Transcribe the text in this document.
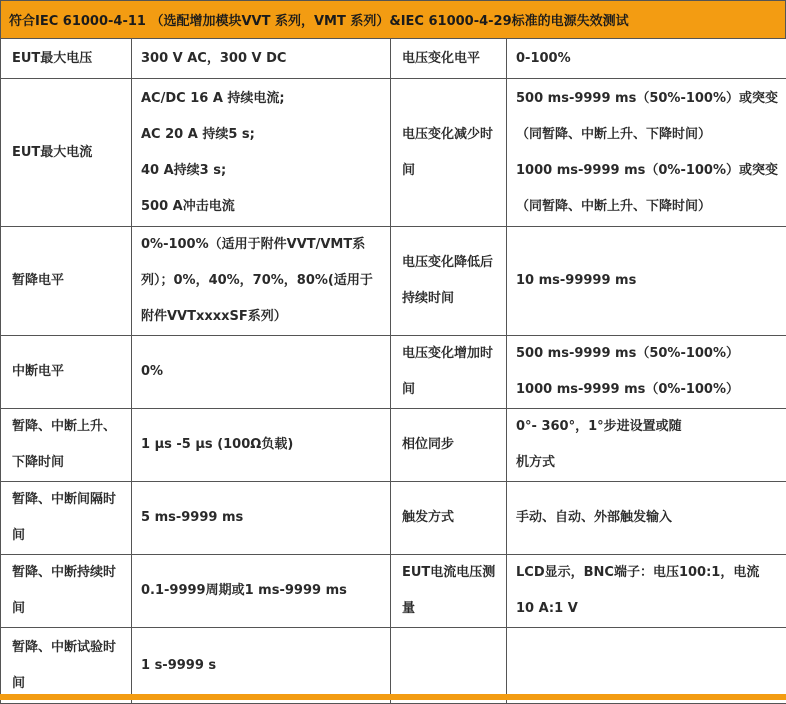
符合IEC 61000-4-11 （选配增加模块VVT 系列，VMT 系列）&IEC 61000-4-29标准的电源失效测试
EUT最大电压	300 V AC，300 V DC	电压变化电平	0-100%

EUT最大电流	AC/DC 16 A 持续电流;
AC 20 A 持续5 s;
40 A持续3 s;
500 A冲击电流	电压变化减少时
间	500 ms-9999 ms（50%-100%）或突变
（同暂降、中断上升、下降时间）
1000 ms-9999 ms（0%-100%）或突变
（同暂降、中断上升、下降时间）

暂降电平	0%-100%（适用于附件VVT/VMT系
列）；0%，40%，70%，80%(适用于
附件VVTxxxxSF系列）	电压变化降低后
持续时间	10 ms-99999 ms

中断电平	0%	电压变化增加时
间	500 ms-9999 ms（50%-100%）
1000 ms-9999 ms（0%-100%）

暂降、中断上升、
下降时间	1 μs -5 μs (100Ω负载)	相位同步	0°- 360°，1°步进设置或随
机方式

暂降、中断间隔时
间	5 ms-9999 ms	触发方式	手动、自动、外部触发输入

暂降、中断持续时
间	0.1-9999周期或1 ms-9999 ms	EUT电流电压测
量	LCD显示，BNC端子：电压100:1，电流
10 A:1 V

暂降、中断试验时
间	1 s-9999 s		
